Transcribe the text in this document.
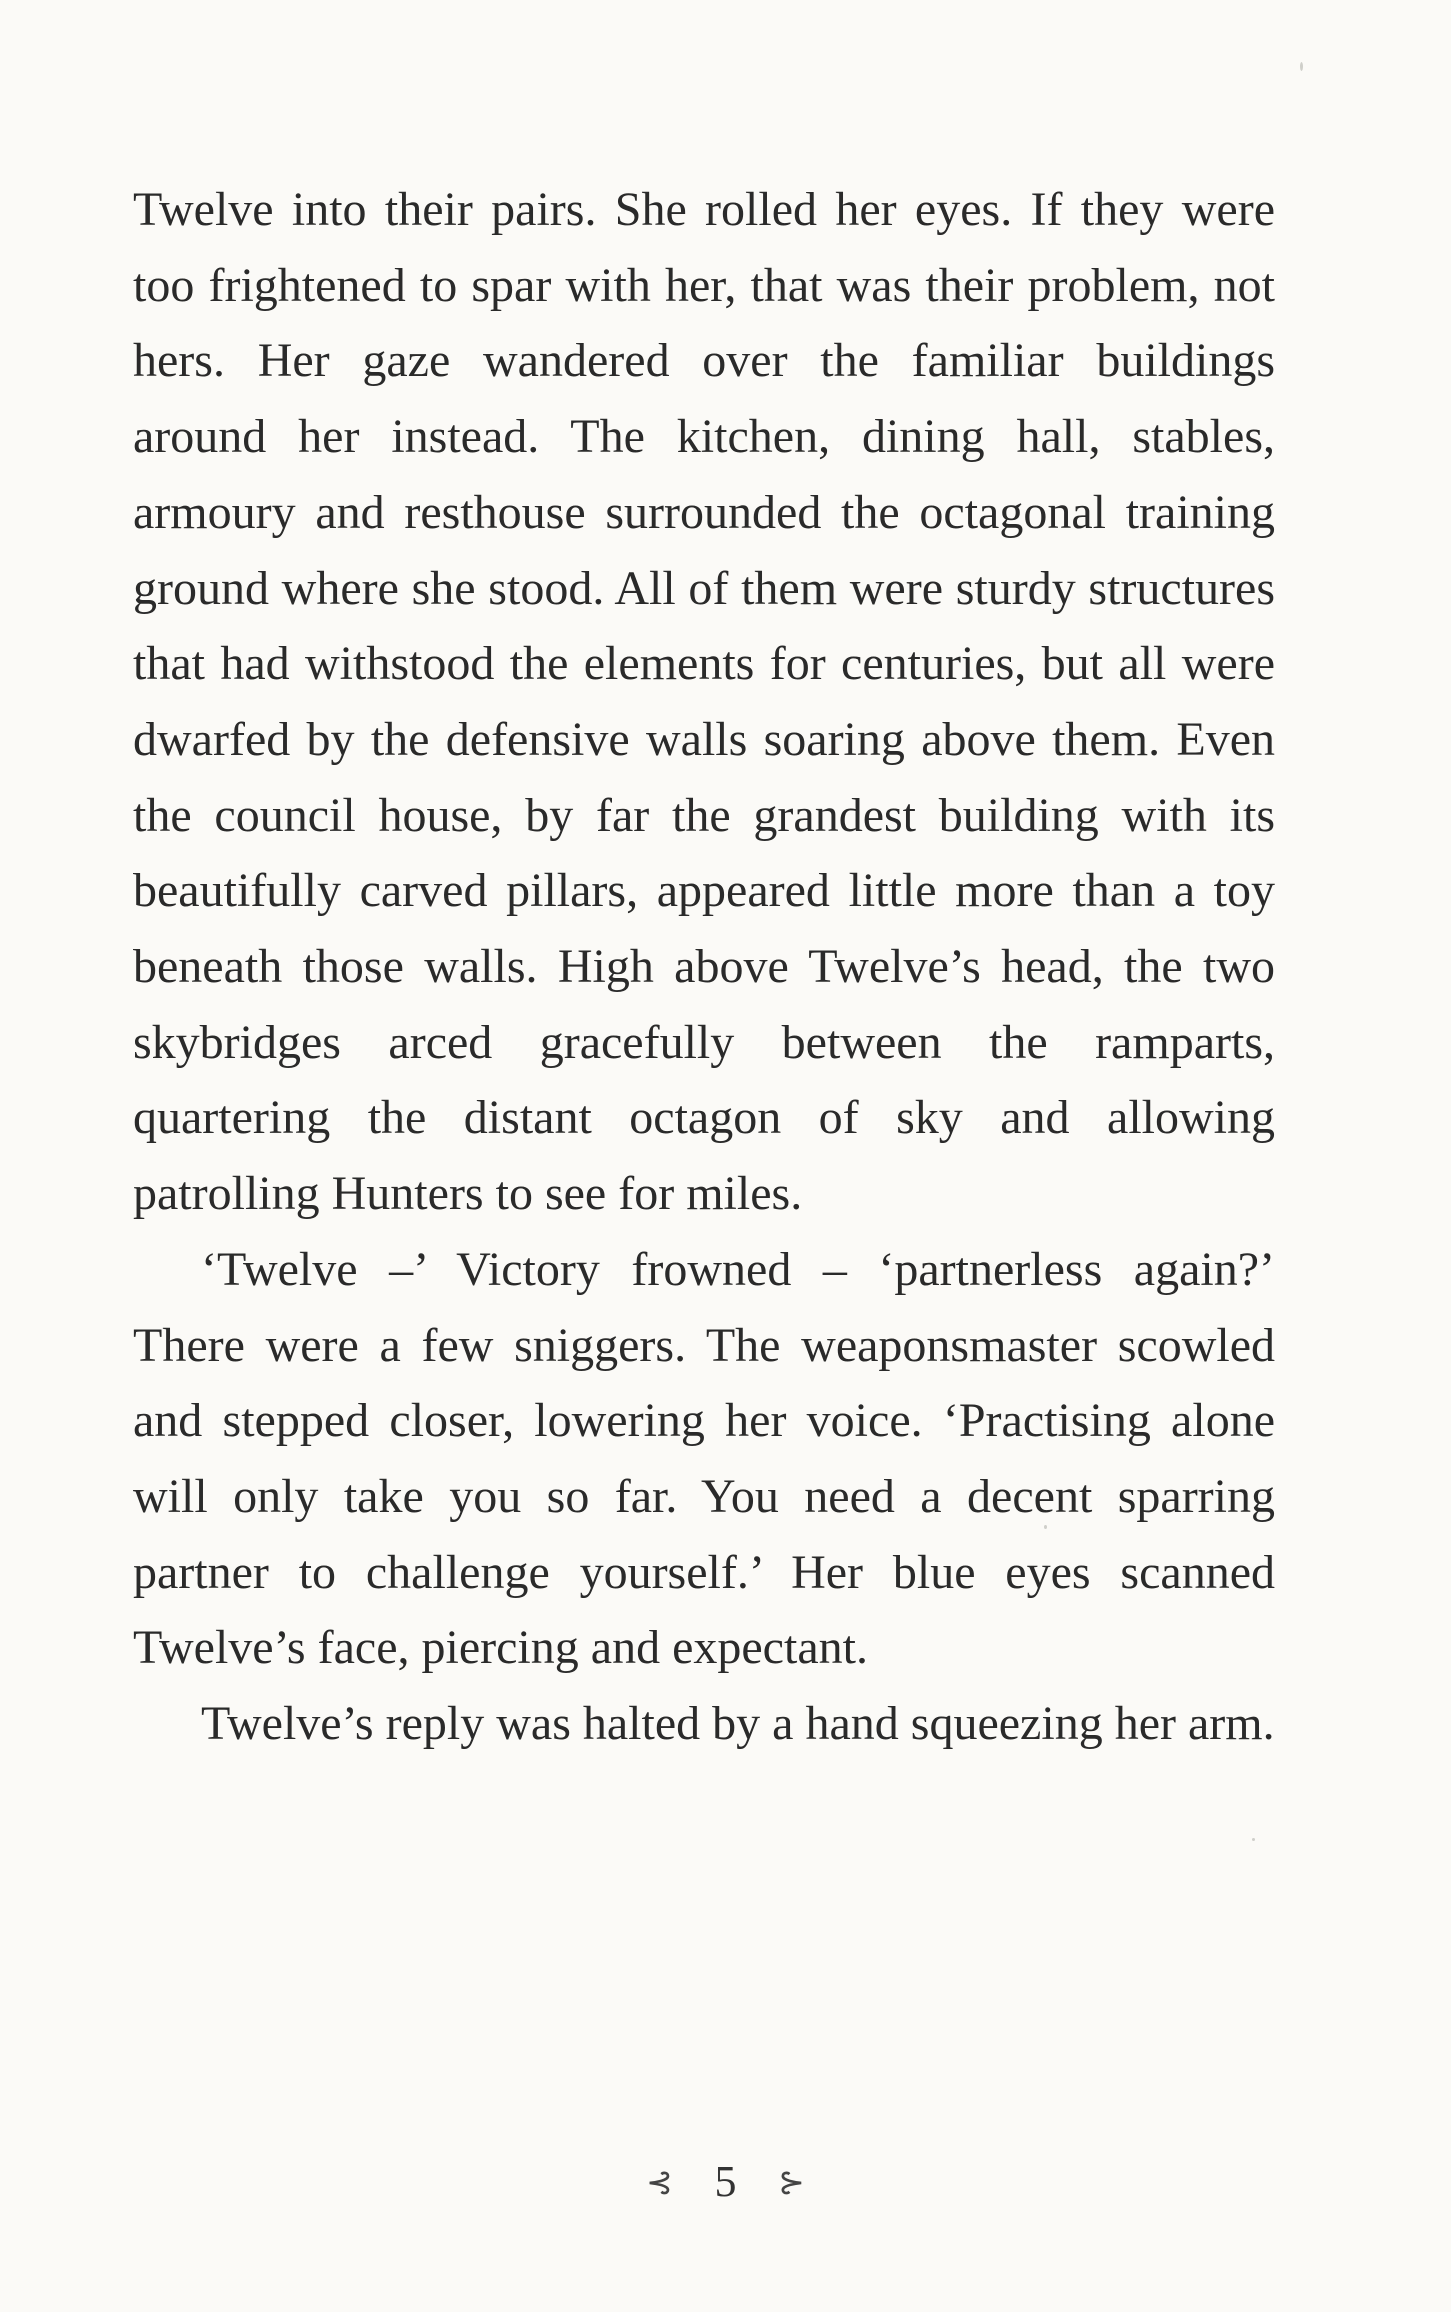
Twelve into their pairs. She rolled her eyes. If they were too frightened to spar with her, that was their problem, not hers. Her gaze wandered over the familiar buildings around her instead. The kitchen, dining hall, stables, armoury and resthouse surrounded the octagonal training ground where she stood. All of them were sturdy structures that had withstood the elements for centuries, but all were dwarfed by the defensive walls soaring above them. Even the council house, by far the grandest building with its beautifully carved pillars, appeared little more than a toy beneath those walls. High above Twelve’s head, the two skybridges arced gracefully between the ramparts, quartering the distant octagon of sky and allowing patrolling Hunters to see for miles.

‘Twelve –’ Victory frowned – ‘partnerless again?’ There were a few sniggers. The weaponsmaster scowled and stepped closer, lowering her voice. ‘Practising alone will only take you so far. You need a decent sparring partner to challenge yourself.’ Her blue eyes scanned Twelve’s face, piercing and expectant.

Twelve’s reply was halted by a hand squeezing her arm.

⊰ 5 ⊱
